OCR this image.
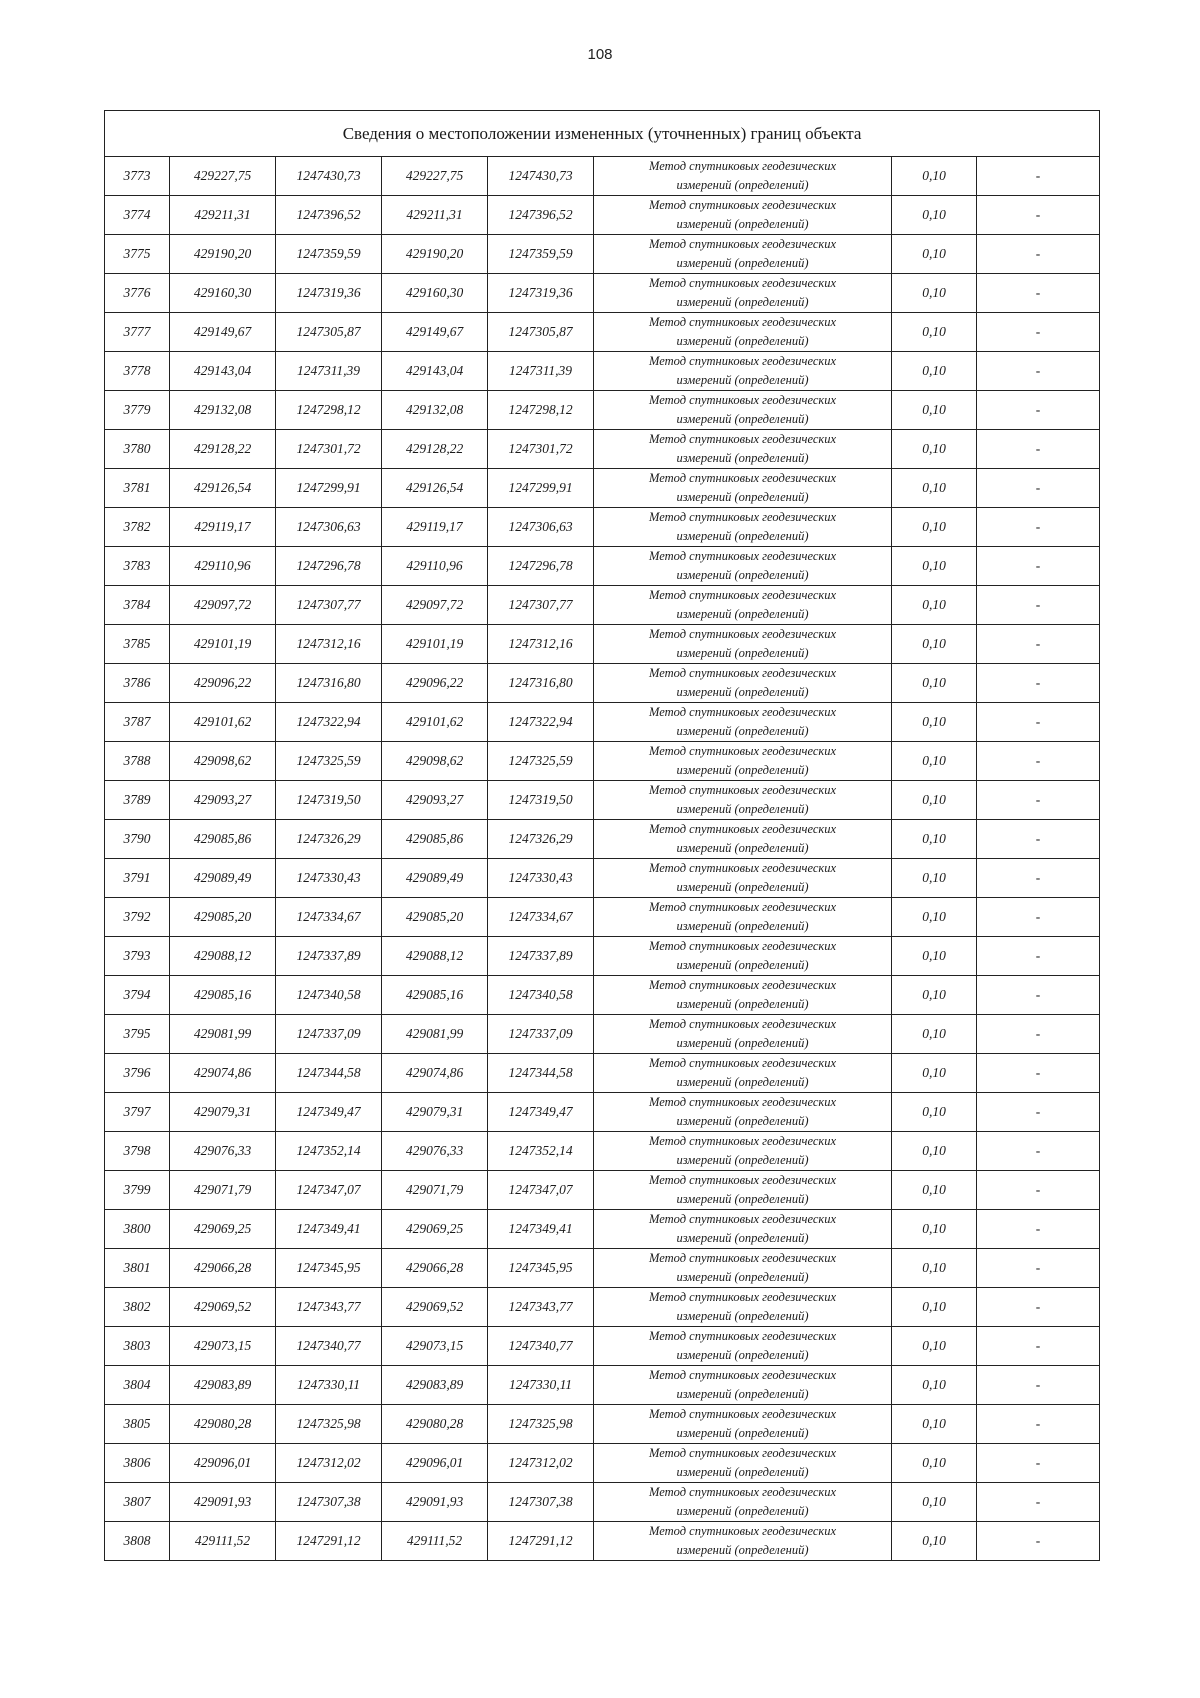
108
Сведения о местоположении измененных (уточненных) границ объекта							
3773	429227,75	1247430,73	429227,75	1247430,73	Метод спутниковых геодезических
измерений (определений)	0,10	-
3774	429211,31	1247396,52	429211,31	1247396,52	Метод спутниковых геодезических
измерений (определений)	0,10	-
3775	429190,20	1247359,59	429190,20	1247359,59	Метод спутниковых геодезических
измерений (определений)	0,10	-
3776	429160,30	1247319,36	429160,30	1247319,36	Метод спутниковых геодезических
измерений (определений)	0,10	-
3777	429149,67	1247305,87	429149,67	1247305,87	Метод спутниковых геодезических
измерений (определений)	0,10	-
3778	429143,04	1247311,39	429143,04	1247311,39	Метод спутниковых геодезических
измерений (определений)	0,10	-
3779	429132,08	1247298,12	429132,08	1247298,12	Метод спутниковых геодезических
измерений (определений)	0,10	-
3780	429128,22	1247301,72	429128,22	1247301,72	Метод спутниковых геодезических
измерений (определений)	0,10	-
3781	429126,54	1247299,91	429126,54	1247299,91	Метод спутниковых геодезических
измерений (определений)	0,10	-
3782	429119,17	1247306,63	429119,17	1247306,63	Метод спутниковых геодезических
измерений (определений)	0,10	-
3783	429110,96	1247296,78	429110,96	1247296,78	Метод спутниковых геодезических
измерений (определений)	0,10	-
3784	429097,72	1247307,77	429097,72	1247307,77	Метод спутниковых геодезических
измерений (определений)	0,10	-
3785	429101,19	1247312,16	429101,19	1247312,16	Метод спутниковых геодезических
измерений (определений)	0,10	-
3786	429096,22	1247316,80	429096,22	1247316,80	Метод спутниковых геодезических
измерений (определений)	0,10	-
3787	429101,62	1247322,94	429101,62	1247322,94	Метод спутниковых геодезических
измерений (определений)	0,10	-
3788	429098,62	1247325,59	429098,62	1247325,59	Метод спутниковых геодезических
измерений (определений)	0,10	-
3789	429093,27	1247319,50	429093,27	1247319,50	Метод спутниковых геодезических
измерений (определений)	0,10	-
3790	429085,86	1247326,29	429085,86	1247326,29	Метод спутниковых геодезических
измерений (определений)	0,10	-
3791	429089,49	1247330,43	429089,49	1247330,43	Метод спутниковых геодезических
измерений (определений)	0,10	-
3792	429085,20	1247334,67	429085,20	1247334,67	Метод спутниковых геодезических
измерений (определений)	0,10	-
3793	429088,12	1247337,89	429088,12	1247337,89	Метод спутниковых геодезических
измерений (определений)	0,10	-
3794	429085,16	1247340,58	429085,16	1247340,58	Метод спутниковых геодезических
измерений (определений)	0,10	-
3795	429081,99	1247337,09	429081,99	1247337,09	Метод спутниковых геодезических
измерений (определений)	0,10	-
3796	429074,86	1247344,58	429074,86	1247344,58	Метод спутниковых геодезических
измерений (определений)	0,10	-
3797	429079,31	1247349,47	429079,31	1247349,47	Метод спутниковых геодезических
измерений (определений)	0,10	-
3798	429076,33	1247352,14	429076,33	1247352,14	Метод спутниковых геодезических
измерений (определений)	0,10	-
3799	429071,79	1247347,07	429071,79	1247347,07	Метод спутниковых геодезических
измерений (определений)	0,10	-
3800	429069,25	1247349,41	429069,25	1247349,41	Метод спутниковых геодезических
измерений (определений)	0,10	-
3801	429066,28	1247345,95	429066,28	1247345,95	Метод спутниковых геодезических
измерений (определений)	0,10	-
3802	429069,52	1247343,77	429069,52	1247343,77	Метод спутниковых геодезических
измерений (определений)	0,10	-
3803	429073,15	1247340,77	429073,15	1247340,77	Метод спутниковых геодезических
измерений (определений)	0,10	-
3804	429083,89	1247330,11	429083,89	1247330,11	Метод спутниковых геодезических
измерений (определений)	0,10	-
3805	429080,28	1247325,98	429080,28	1247325,98	Метод спутниковых геодезических
измерений (определений)	0,10	-
3806	429096,01	1247312,02	429096,01	1247312,02	Метод спутниковых геодезических
измерений (определений)	0,10	-
3807	429091,93	1247307,38	429091,93	1247307,38	Метод спутниковых геодезических
измерений (определений)	0,10	-
3808	429111,52	1247291,12	429111,52	1247291,12	Метод спутниковых геодезических
измерений (определений)	0,10	-
